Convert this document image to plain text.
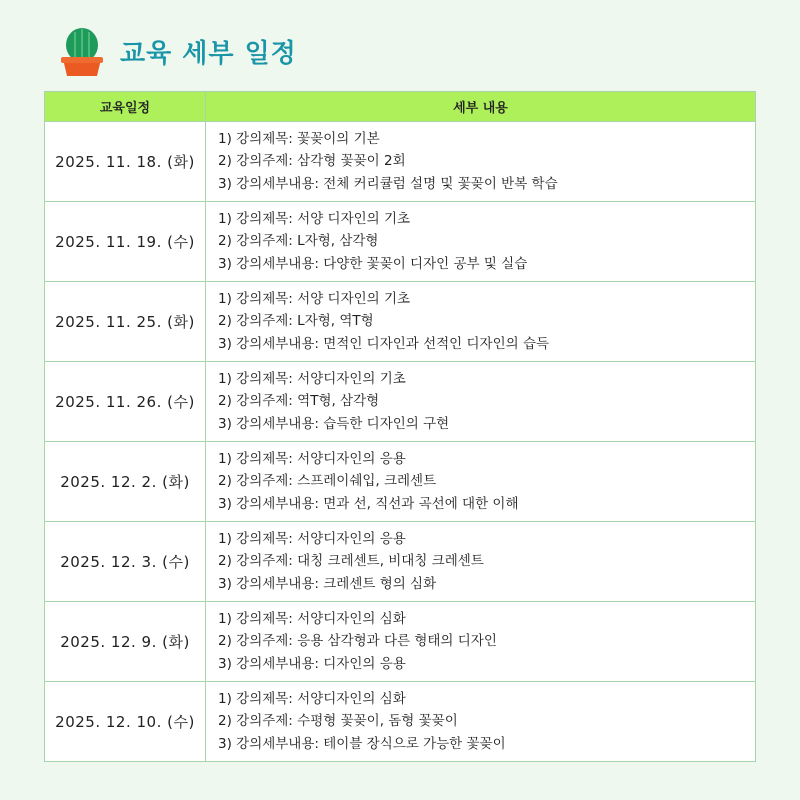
교육 세부 일정
교육일정	세부 내용
2025. 11. 18. (화)	1) 강의제목: 꽃꽂이의 기본
2) 강의주제: 삼각형 꽃꽂이 2회
3) 강의세부내용: 전체 커리큘럼 설명 및 꽃꽂이 반복 학습

2025. 11. 19. (수)	1) 강의제목: 서양 디자인의 기초
2) 강의주제: L자형, 삼각형
3) 강의세부내용: 다양한 꽃꽂이 디자인 공부 및 실습

2025. 11. 25. (화)	1) 강의제목: 서양 디자인의 기초
2) 강의주제: L자형, 역T형
3) 강의세부내용: 면적인 디자인과 선적인 디자인의 습득

2025. 11. 26. (수)	1) 강의제목: 서양디자인의 기초
2) 강의주제: 역T형, 삼각형
3) 강의세부내용: 습득한 디자인의 구현

2025. 12. 2. (화)	1) 강의제목: 서양디자인의 응용
2) 강의주제: 스프레이쉐입, 크레센트
3) 강의세부내용: 면과 선, 직선과 곡선에 대한 이해

2025. 12. 3. (수)	1) 강의제목: 서양디자인의 응용
2) 강의주제: 대칭 크레센트, 비대칭 크레센트
3) 강의세부내용: 크레센트 형의 심화

2025. 12. 9. (화)	1) 강의제목: 서양디자인의 심화
2) 강의주제: 응용 삼각형과 다른 형태의 디자인
3) 강의세부내용: 디자인의 응용

2025. 12. 10. (수)	1) 강의제목: 서양디자인의 심화
2) 강의주제: 수평형 꽃꽂이, 돔형 꽃꽂이
3) 강의세부내용: 테이블 장식으로 가능한 꽃꽂이
